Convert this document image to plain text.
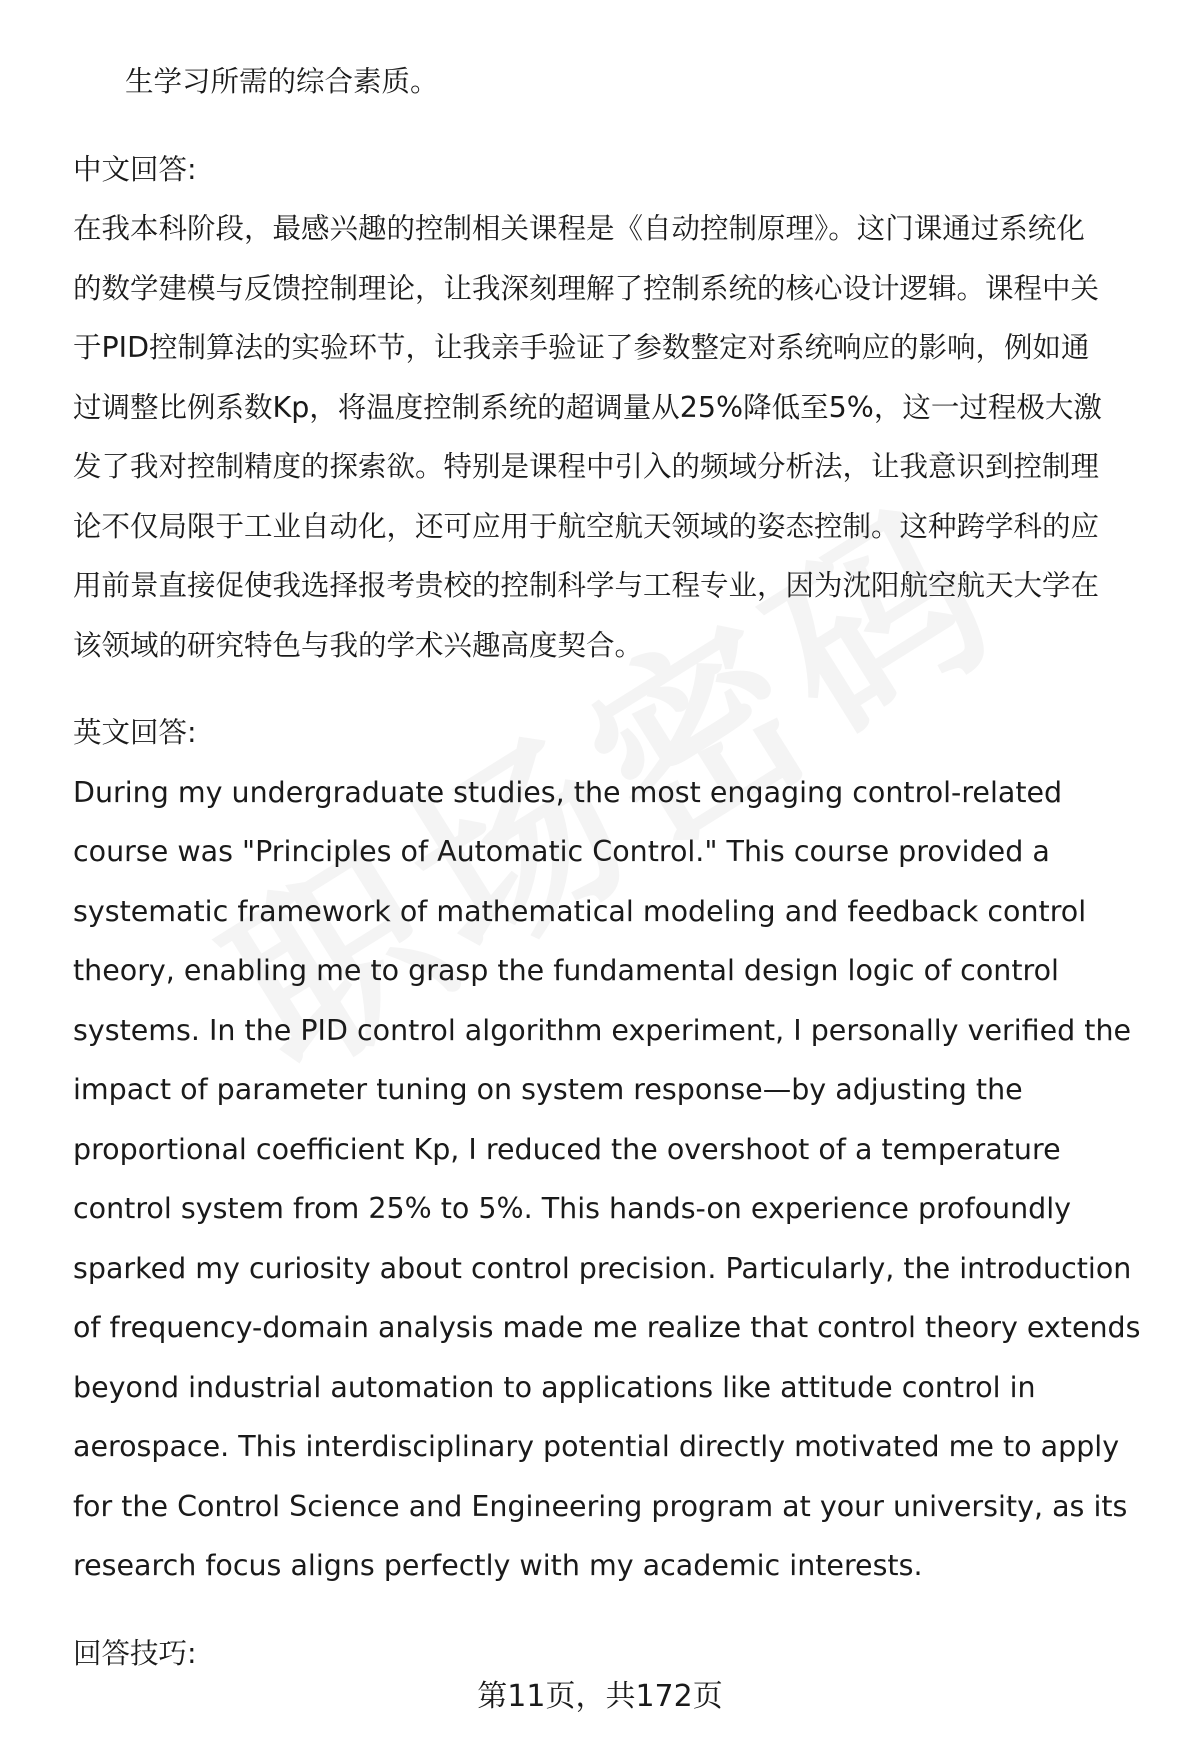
生学习所需的综合素质。

中文回答:

在我本科阶段，最感兴趣的控制相关课程是《自动控制原理》。这门课通过系统化

的数学建模与反馈控制理论，让我深刻理解了控制系统的核心设计逻辑。课程中关

于PID控制算法的实验环节，让我亲手验证了参数整定对系统响应的影响，例如通

过调整比例系数Kp，将温度控制系统的超调量从25%降低至5%，这一过程极大激

发了我对控制精度的探索欲。特别是课程中引入的频域分析法，让我意识到控制理

论不仅局限于工业自动化，还可应用于航空航天领域的姿态控制。这种跨学科的应

用前景直接促使我选择报考贵校的控制科学与工程专业，因为沈阳航空航天大学在

该领域的研究特色与我的学术兴趣高度契合。

英文回答:

During my undergraduate studies, the most engaging control-related

course was "Principles of Automatic Control." This course provided a

systematic framework of mathematical modeling and feedback control

theory, enabling me to grasp the fundamental design logic of control

systems. In the PID control algorithm experiment, I personally verified the

impact of parameter tuning on system response—by adjusting the

proportional coefficient Kp, I reduced the overshoot of a temperature

control system from 25% to 5%. This hands-on experience profoundly

sparked my curiosity about control precision. Particularly, the introduction

of frequency-domain analysis made me realize that control theory extends

beyond industrial automation to applications like attitude control in

aerospace. This interdisciplinary potential directly motivated me to apply

for the Control Science and Engineering program at your university, as its

research focus aligns perfectly with my academic interests.

回答技巧:

第11页，共172页
